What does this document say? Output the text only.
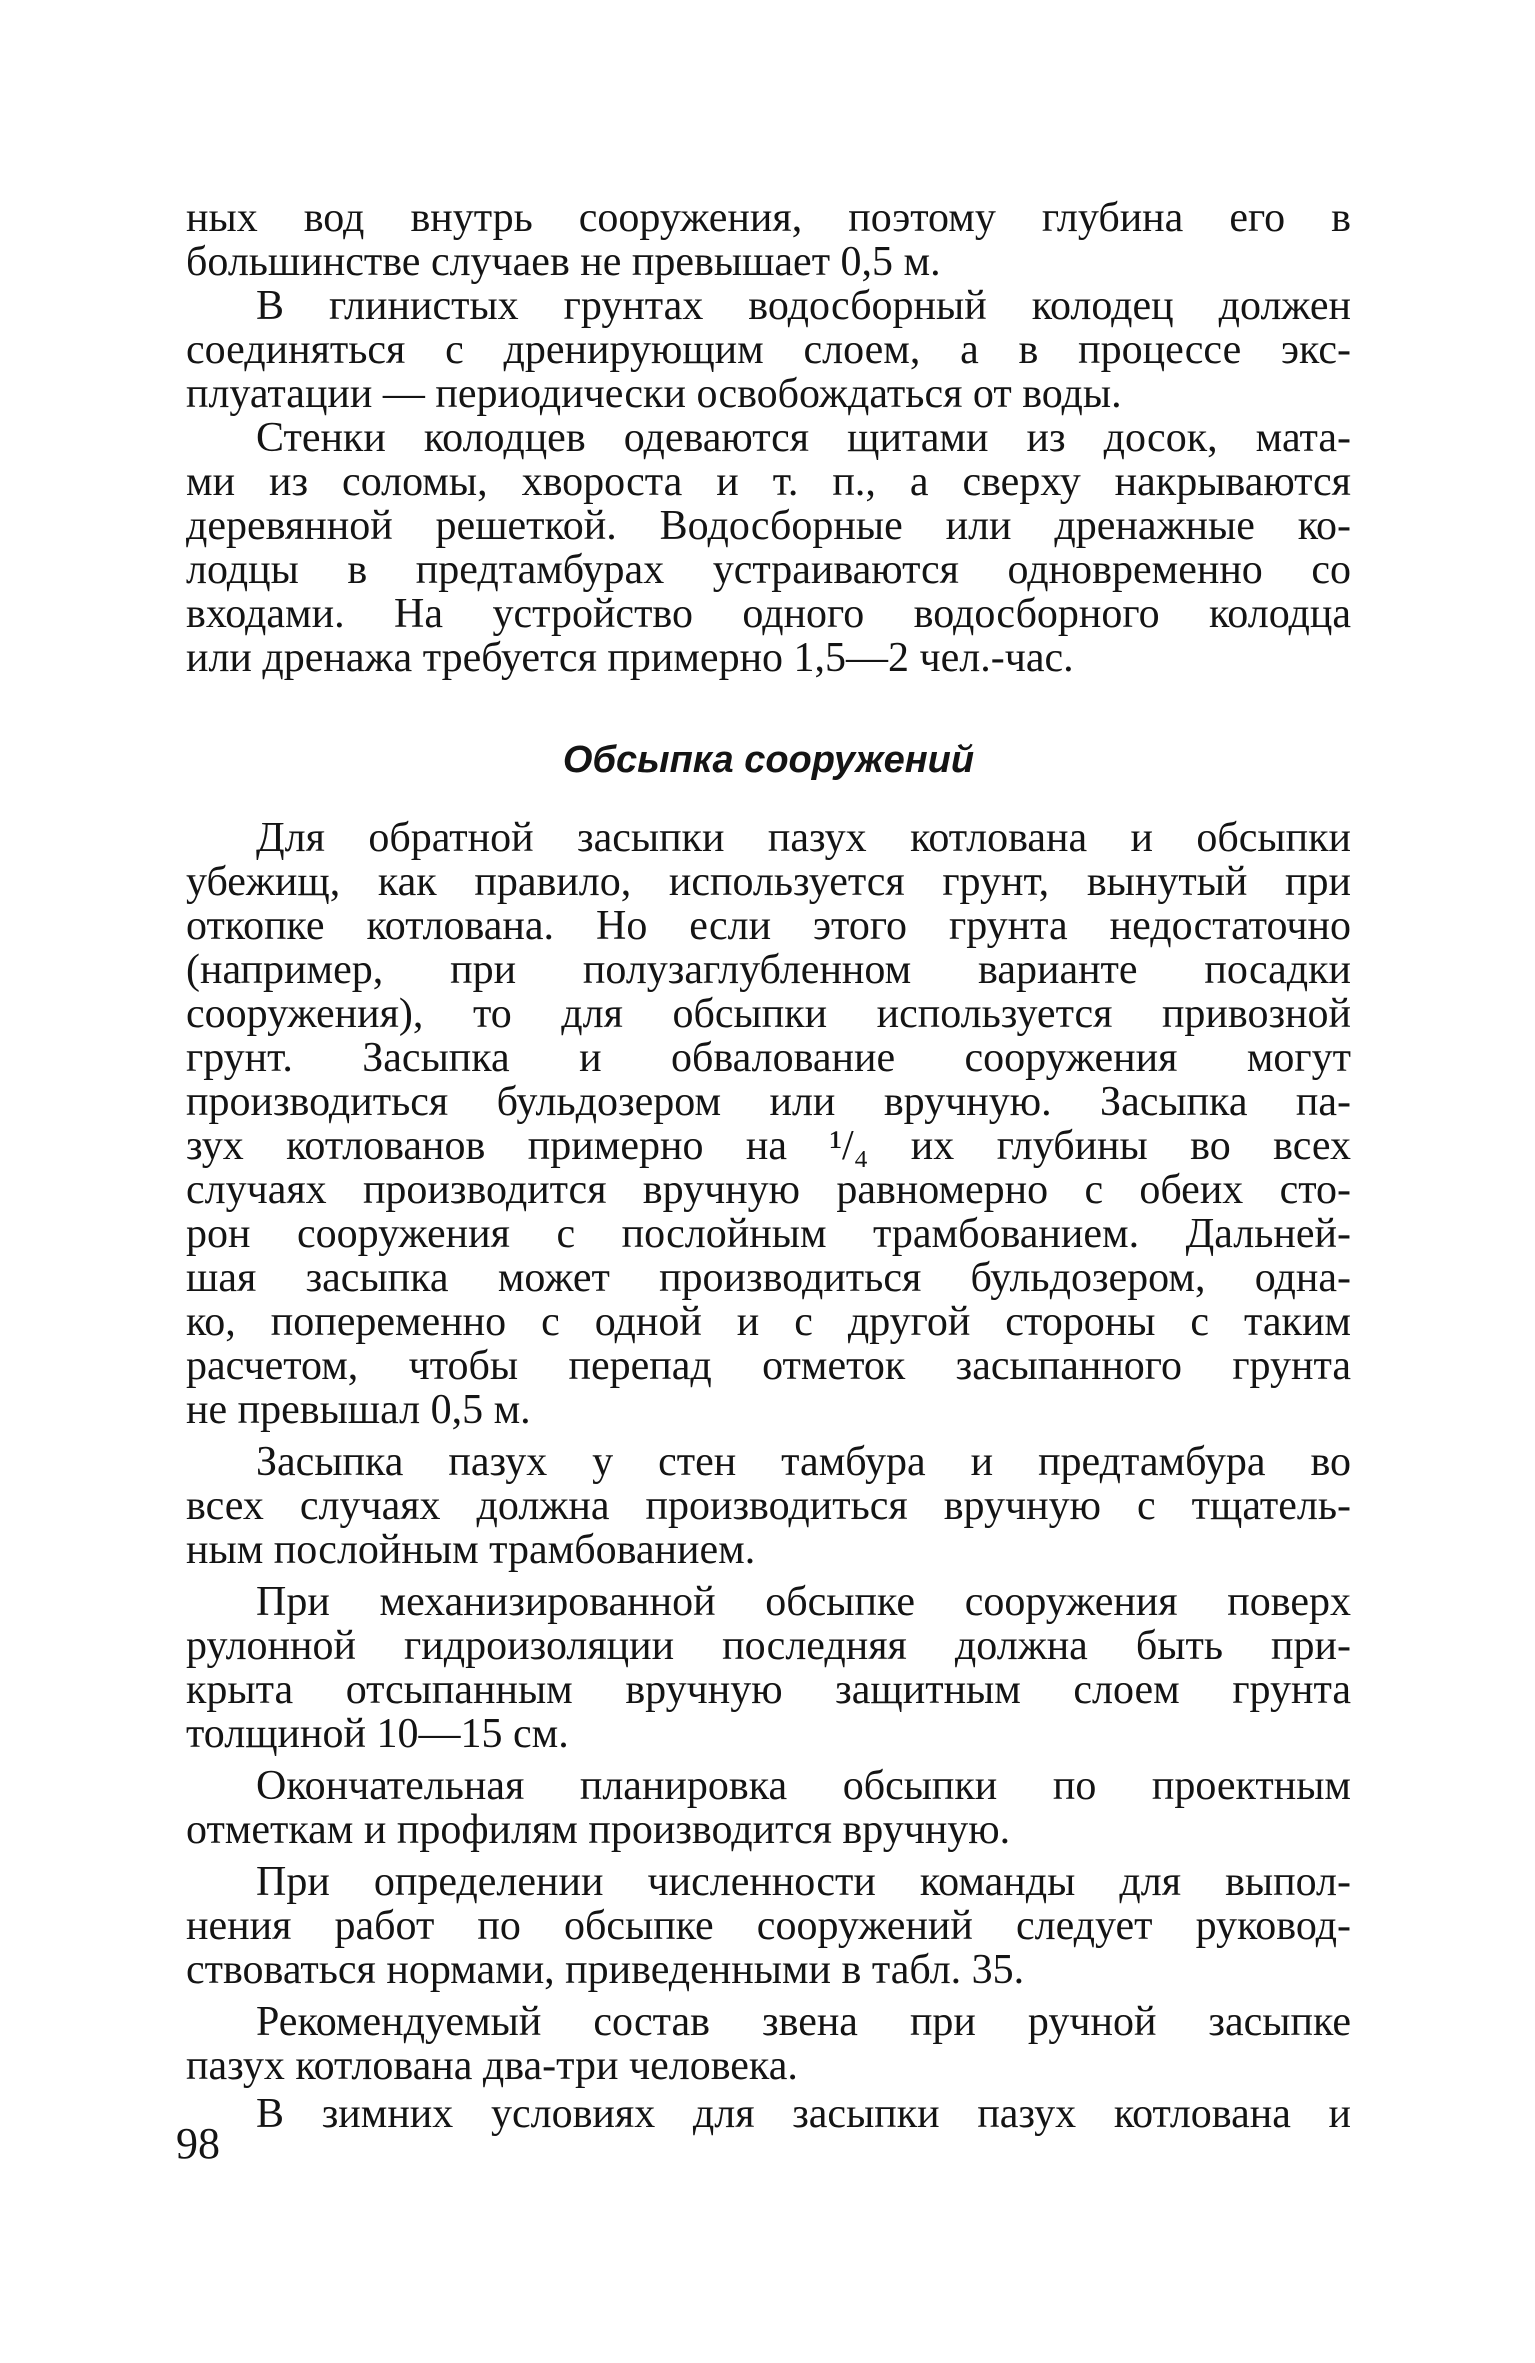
ных вод внутрь сооружения, поэтому глубина его в
большинстве случаев не превышает 0,5 м.
В глинистых грунтах водосборный колодец должен
соединяться с дренирующим слоем, а в процессе экс-
плуатации — периодически освобождаться от воды.
Стенки колодцев одеваются щитами из досок, мата-
ми из соломы, хвороста и т. п., а сверху накрываются
деревянной решеткой. Водосборные или дренажные ко-
лодцы в предтамбурах устраиваются одновременно со
входами. На устройство одного водосборного колодца
или дренажа требуется примерно 1,5—2 чел.-час.
Обсыпка сооружений
Для обратной засыпки пазух котлована и обсыпки
убежищ, как правило, используется грунт, вынутый при
откопке котлована. Но если этого грунта недостаточно
(например, при полузаглубленном варианте посадки
сооружения), то для обсыпки используется привозной
грунт. Засыпка и обвалование сооружения могут
производиться бульдозером или вручную. Засыпка па-
зух котлованов примерно на ¹/₄ их глубины во всех
случаях производится вручную равномерно с обеих сто-
рон сооружения с послойным трамбованием. Дальней-
шая засыпка может производиться бульдозером, одна-
ко, попеременно с одной и с другой стороны с таким
расчетом, чтобы перепад отметок засыпанного грунта
не превышал 0,5 м.
Засыпка пазух у стен тамбура и предтамбура во
всех случаях должна производиться вручную с тщатель-
ным послойным трамбованием.
При механизированной обсыпке сооружения поверх
рулонной гидроизоляции последняя должна быть при-
крыта отсыпанным вручную защитным слоем грунта
толщиной 10—15 см.
Окончательная планировка обсыпки по проектным
отметкам и профилям производится вручную.
При определении численности команды для выпол-
нения работ по обсыпке сооружений следует руковод-
ствоваться нормами, приведенными в табл. 35.
Рекомендуемый состав звена при ручной засыпке
пазух котлована два-три человека.
В зимних условиях для засыпки пазух котлована и
98
